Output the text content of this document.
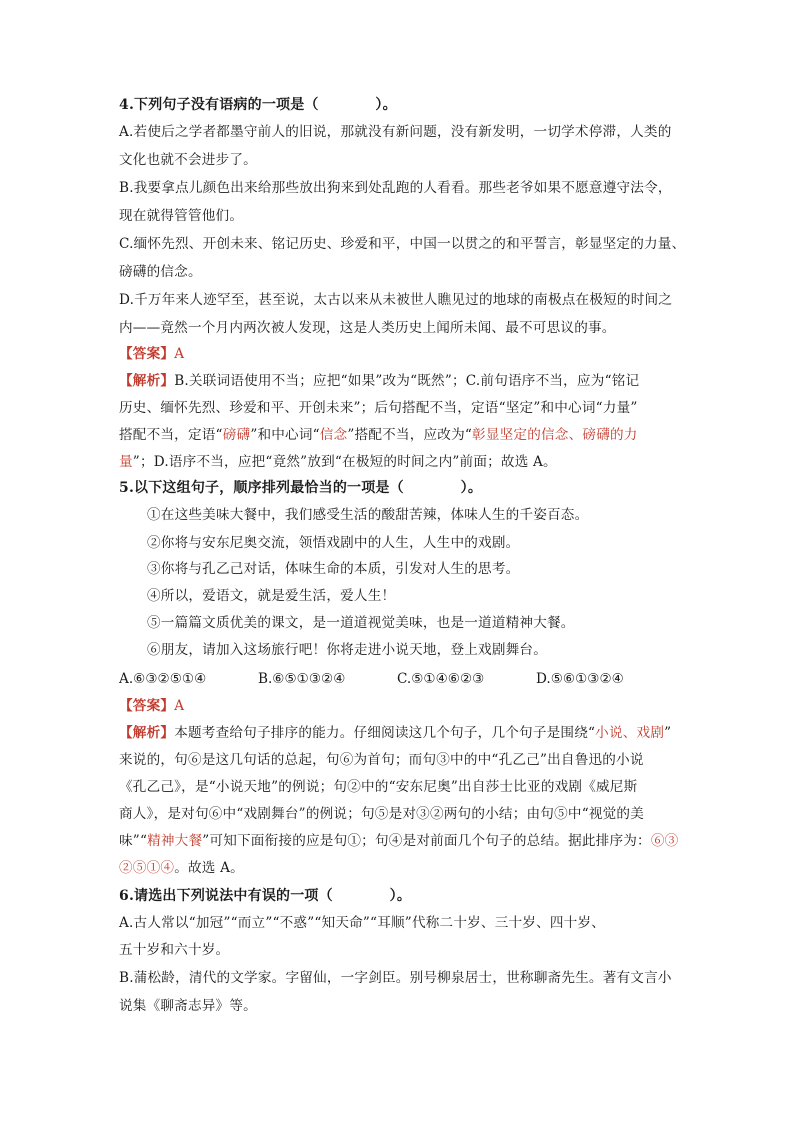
4.下列句子没有语病的一项是（　　　　）。
A.若使后之学者都墨守前人的旧说，那就没有新问题，没有新发明，一切学术停滞，人类的
文化也就不会进步了。
B.我要拿点儿颜色出来给那些放出狗来到处乱跑的人看看。那些老爷如果不愿意遵守法令，
现在就得管管他们。
C.缅怀先烈、开创未来、铭记历史、珍爱和平，中国一以贯之的和平誓言，彰显坚定的力量、
磅礴的信念。
D.千万年来人迹罕至，甚至说，太古以来从未被世人瞧见过的地球的南极点在极短的时间之
内——竟然一个月内两次被人发现，这是人类历史上闻所未闻、最不可思议的事。
【答案】A
【解析】B.关联词语使用不当；应把“如果”改为“既然”；C.前句语序不当，应为“铭记
历史、缅怀先烈、珍爱和平、开创未来”；后句搭配不当，定语“坚定”和中心词“力量”
搭配不当，定语“磅礴”和中心词“信念”搭配不当，应改为“彰显坚定的信念、磅礴的力
量”；D.语序不当，应把“竟然”放到“在极短的时间之内”前面；故选 A。
5.以下这组句子，顺序排列最恰当的一项是（　　　　）。
①在这些美味大餐中，我们感受生活的酸甜苦辣，体味人生的千姿百态。
②你将与安东尼奥交流，领悟戏剧中的人生，人生中的戏剧。
③你将与孔乙己对话，体味生命的本质，引发对人生的思考。
④所以，爱语文，就是爱生活，爱人生！
⑤一篇篇文质优美的课文，是一道道视觉美味，也是一道道精神大餐。
⑥朋友，请加入这场旅行吧！你将走进小说天地，登上戏剧舞台。
A.⑥③②⑤①④	B.⑥⑤①③②④	C.⑤①④⑥②③	D.⑤⑥①③②④
【答案】A
【解析】本题考查给句子排序的能力。仔细阅读这几个句子，几个句子是围绕“小说、戏剧”
来说的，句⑥是这几句话的总起，句⑥为首句；而句③中的中“孔乙己”出自鲁迅的小说
《孔乙己》，是“小说天地”的例说；句②中的“安东尼奥”出自莎士比亚的戏剧《威尼斯
商人》，是对句⑥中“戏剧舞台”的例说；句⑤是对③②两句的小结；由句⑤中“视觉的美
味”“精神大餐”可知下面衔接的应是句①；句④是对前面几个句子的总结。据此排序为：⑥③
②⑤①④。故选 A。
6.请选出下列说法中有误的一项（　　　　）。
A.古人常以“加冠”“而立”“不惑”“知天命”“耳顺”代称二十岁、三十岁、四十岁、
五十岁和六十岁。
B.蒲松龄，清代的文学家。字留仙，一字剑臣。别号柳泉居士，世称聊斋先生。著有文言小
说集《聊斋志异》等。
